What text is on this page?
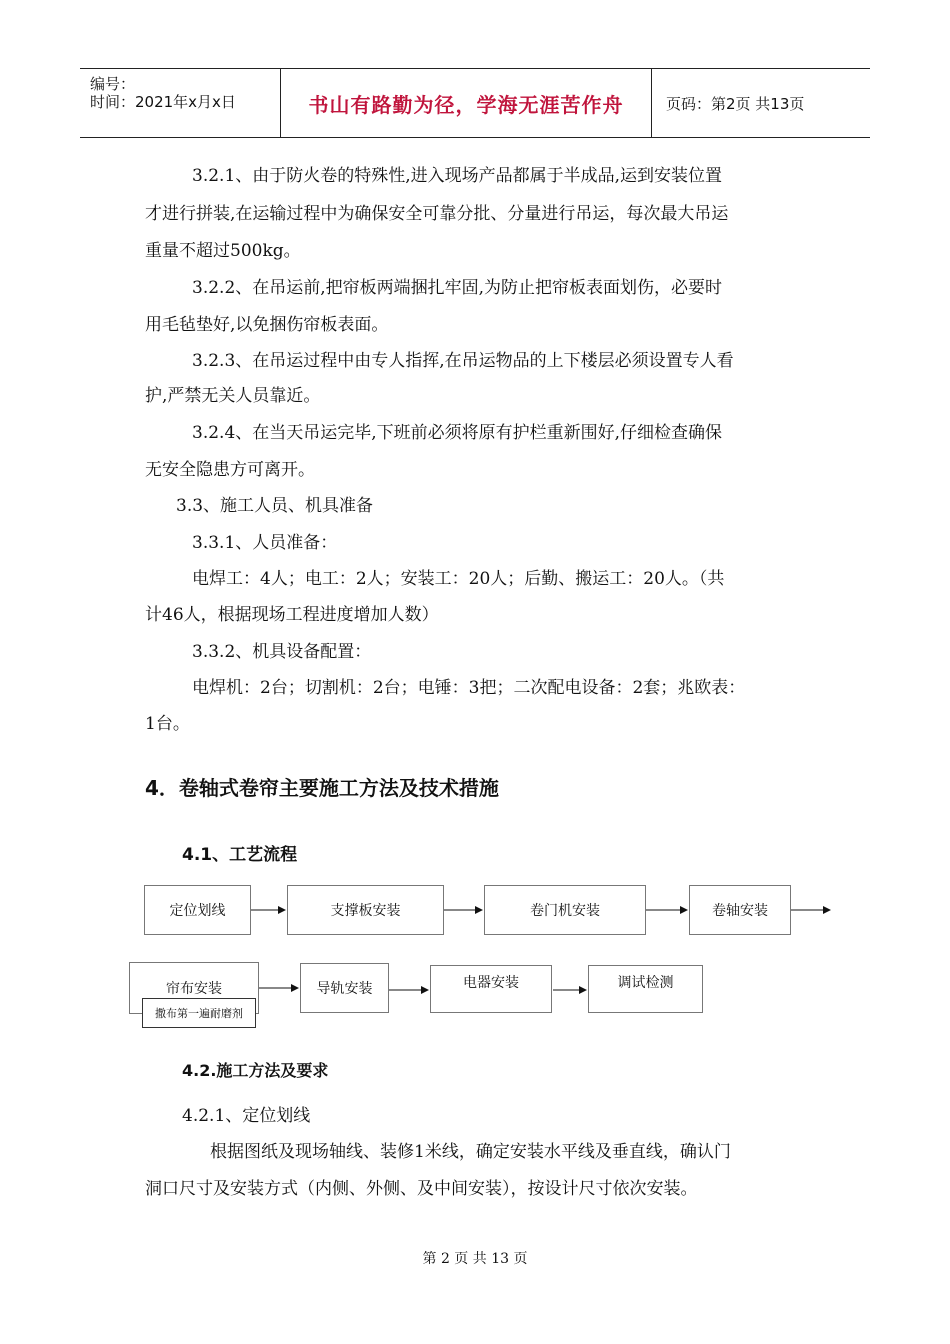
编号：
时间：2021年x月x日	书山有路勤为径，学海无涯苦作舟	页码：第2页 共13页
3.2.1、由于防火卷的特殊性,进入现场产品都属于半成品,运到安装位置
才进行拼装,在运输过程中为确保安全可靠分批、分量进行吊运，每次最大吊运
重量不超过500kg。
3.2.2、在吊运前,把帘板两端捆扎牢固,为防止把帘板表面划伤，必要时
用毛毡垫好,以免捆伤帘板表面。
3.2.3、在吊运过程中由专人指挥,在吊运物品的上下楼层必须设置专人看
护,严禁无关人员靠近。
3.2.4、在当天吊运完毕,下班前必须将原有护栏重新围好,仔细检查确保
无安全隐患方可离开。
3.3、施工人员、机具准备
3.3.1、人员准备：
电焊工：4人；电工：2人；安装工：20人；后勤、搬运工：20人。（共
计46人，根据现场工程进度增加人数）
3.3.2、机具设备配置：
电焊机：2台；切割机：2台；电锤：3把；二次配电设备：2套；兆欧表：
1台。
4．卷轴式卷帘主要施工方法及技术措施
4.1、工艺流程
定位划线	支撑板安装	卷门机安装	卷轴安装
帘布安装
撒布第一遍耐磨剂
导轨安装	电器安装	调试检测
4.2.施工方法及要求
4.2.1、定位划线
根据图纸及现场轴线、装修1米线，确定安装水平线及垂直线，确认门
洞口尺寸及安装方式（内侧、外侧、及中间安装），按设计尺寸依次安装。
第 2 页 共 13 页
